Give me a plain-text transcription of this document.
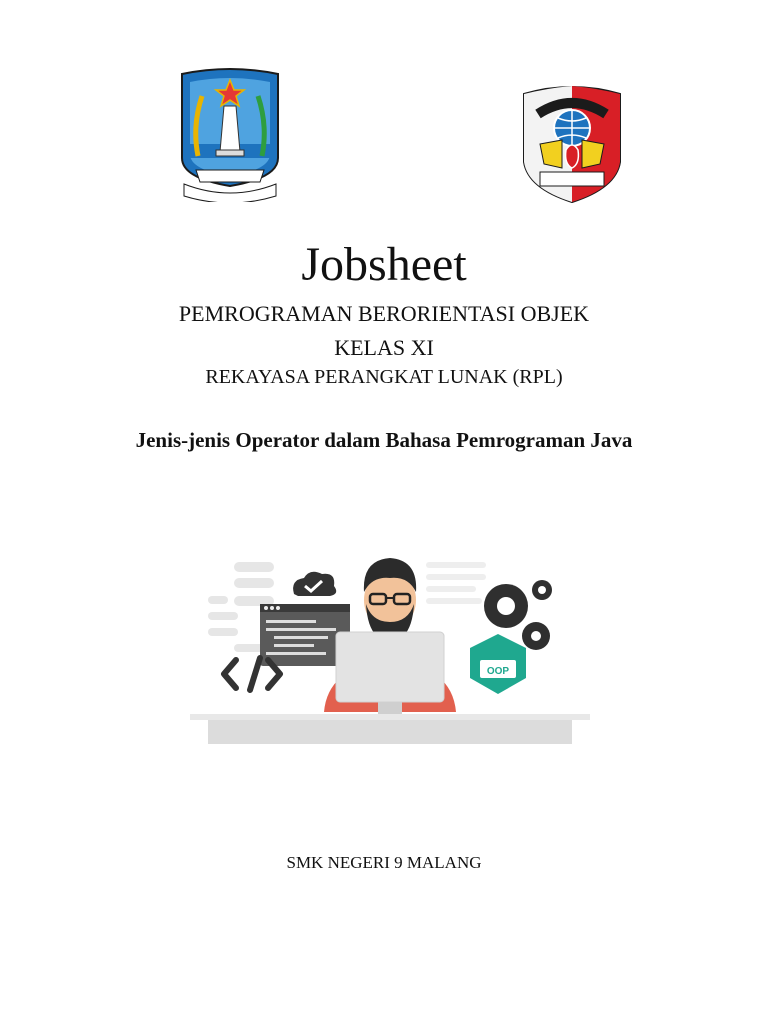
Jobsheet
PEMROGRAMAN BERORIENTASI OBJEK
KELAS XI
REKAYASA PERANGKAT LUNAK (RPL)
Jenis-jenis Operator dalam Bahasa Pemrograman Java
OOP
SMK NEGERI 9 MALANG
